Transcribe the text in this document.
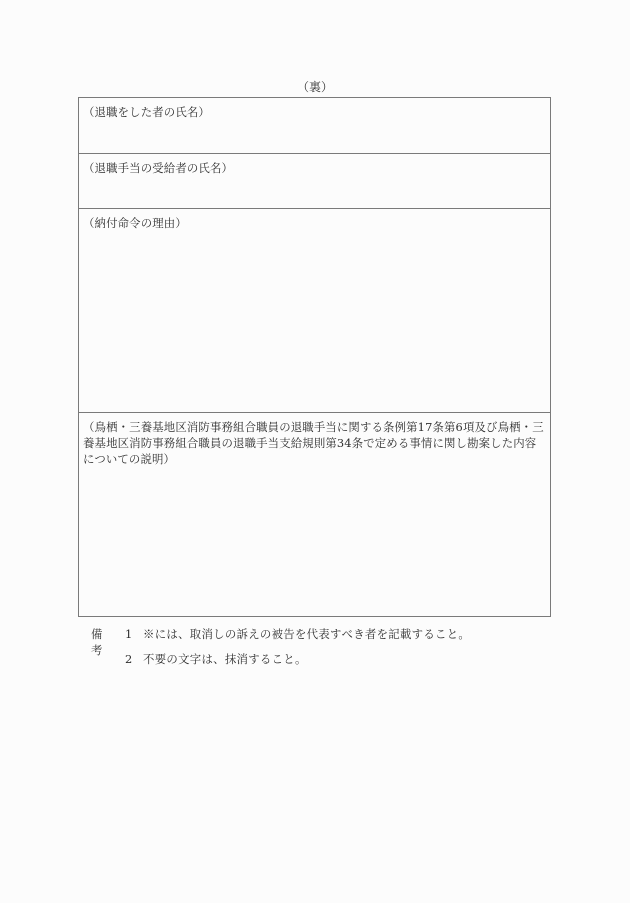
（裏）
（退職をした者の氏名）
（退職手当の受給者の氏名）
（納付命令の理由）
（鳥栖・三養基地区消防事務組合職員の退職手当に関する条例第17条第6項及び鳥栖・三養基地区消防事務組合職員の退職手当支給規則第34条で定める事情に関し勘案した内容についての説明）
備考
1 ※には、取消しの訴えの被告を代表すべき者を記載すること。
2 不要の文字は、抹消すること。
